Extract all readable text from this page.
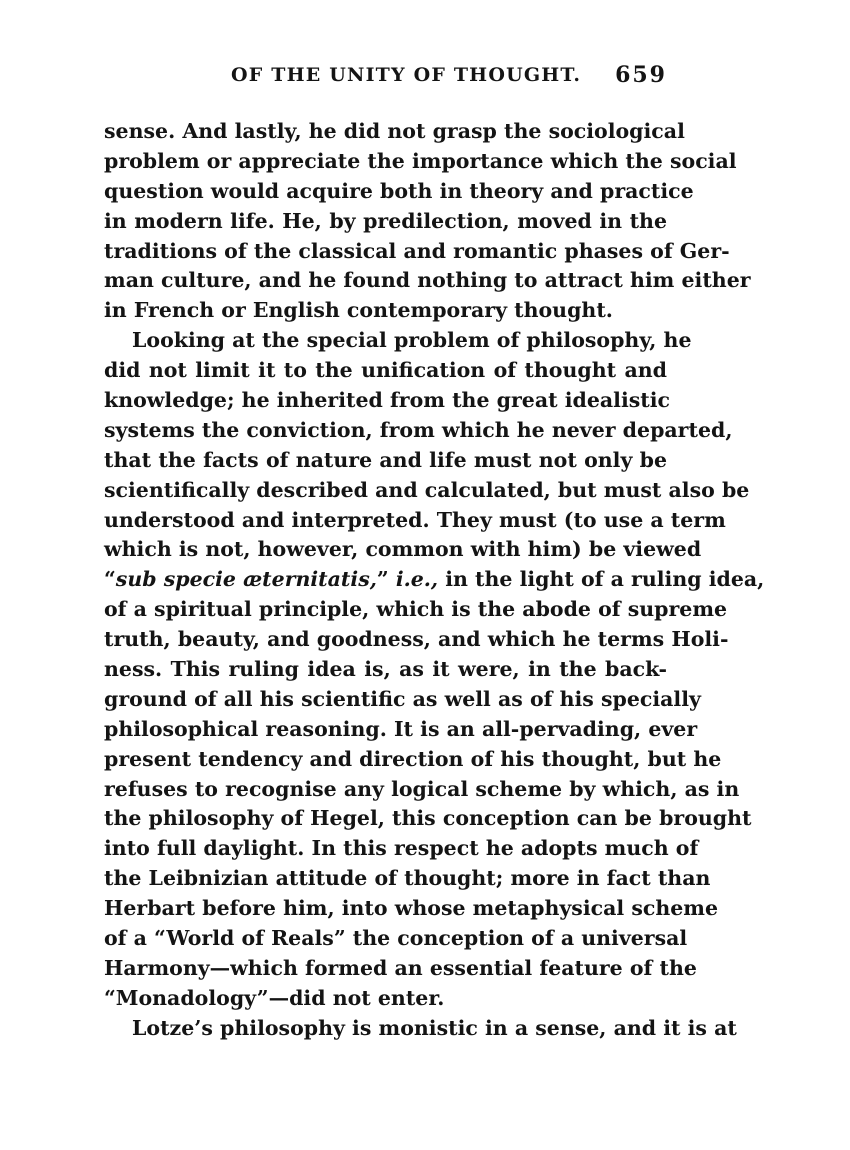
OF THE UNITY OF THOUGHT. 659
sense. And lastly, he did not grasp the sociological
problem or appreciate the importance which the social
question would acquire both in theory and practice
in modern life. He, by predilection, moved in the
traditions of the classical and romantic phases of Ger-
man culture, and he found nothing to attract him either
in French or English contemporary thought.
Looking at the special problem of philosophy, he
did not limit it to the unification of thought and
knowledge; he inherited from the great idealistic
systems the conviction, from which he never departed,
that the facts of nature and life must not only be
scientifically described and calculated, but must also be
understood and interpreted. They must (to use a term
which is not, however, common with him) be viewed
“sub specie æternitatis,” i.e., in the light of a ruling idea,
of a spiritual principle, which is the abode of supreme
truth, beauty, and goodness, and which he terms Holi-
ness. This ruling idea is, as it were, in the back-
ground of all his scientific as well as of his specially
philosophical reasoning. It is an all-pervading, ever
present tendency and direction of his thought, but he
refuses to recognise any logical scheme by which, as in
the philosophy of Hegel, this conception can be brought
into full daylight. In this respect he adopts much of
the Leibnizian attitude of thought; more in fact than
Herbart before him, into whose metaphysical scheme
of a “World of Reals” the conception of a universal
Harmony—which formed an essential feature of the
“Monadology”—did not enter.
Lotze’s philosophy is monistic in a sense, and it is at
